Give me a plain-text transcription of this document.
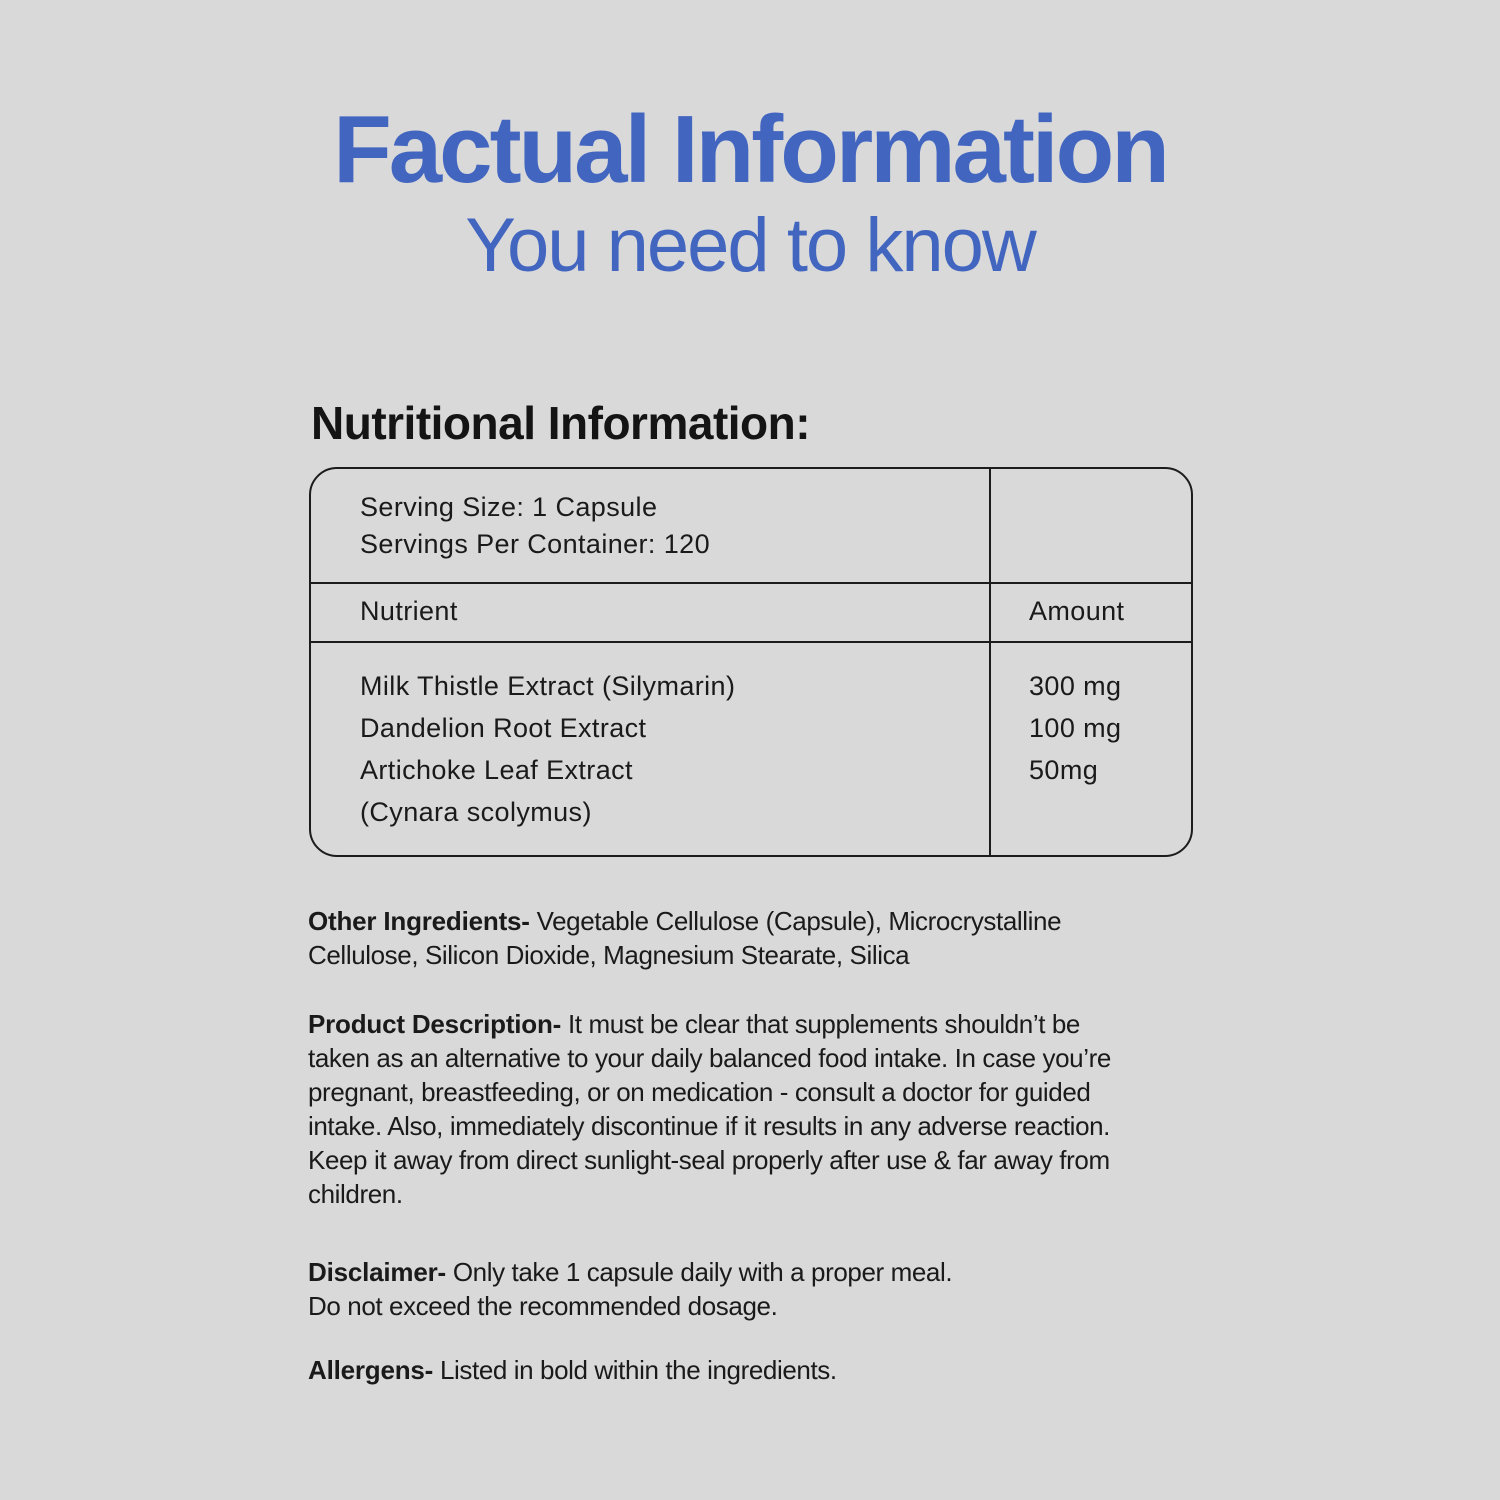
Factual Information
You need to know
Nutritional Information:
Serving Size: 1 Capsule
Servings Per Container: 120
Nutrient	Amount
Milk Thistle Extract (Silymarin)
Dandelion Root Extract
Artichoke Leaf Extract
(Cynara scolymus)
300 mg
100 mg
50mg
Other Ingredients- Vegetable Cellulose (Capsule), Microcrystalline
Cellulose, Silicon Dioxide, Magnesium Stearate, Silica
Product Description- It must be clear that supplements shouldn’t be
taken as an alternative to your daily balanced food intake. In case you’re
pregnant, breastfeeding, or on medication - consult a doctor for guided
intake. Also, immediately discontinue if it results in any adverse reaction.
Keep it away from direct sunlight-seal properly after use & far away from
children.
Disclaimer- Only take 1 capsule daily with a proper meal.
Do not exceed the recommended dosage.
Allergens- Listed in bold within the ingredients.
